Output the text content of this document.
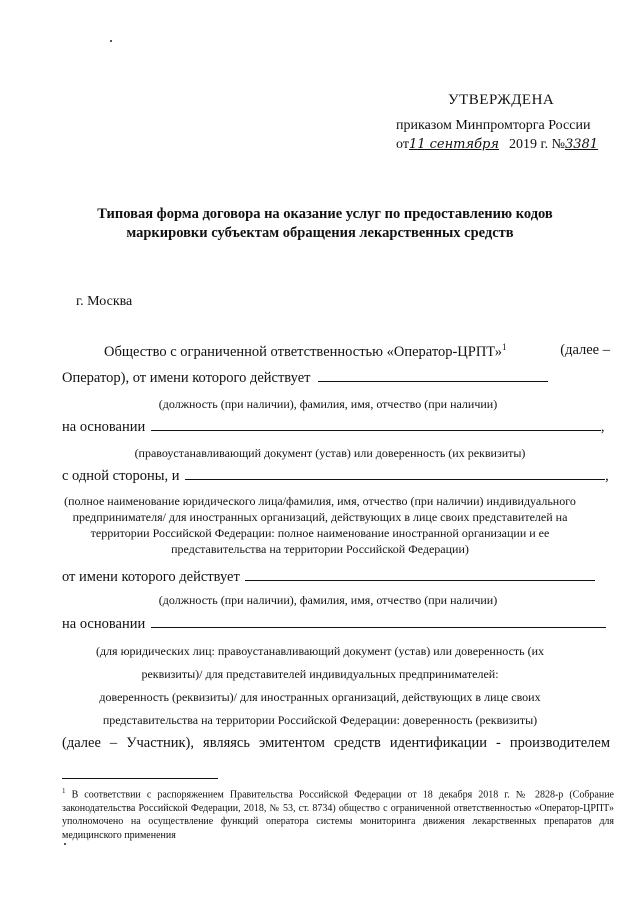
УТВЕРЖДЕНА
приказом Минпромторга России
от11 сентября 2019 г. №3381
Типовая форма договора на оказание услуг по предоставлению кодов
маркировки субъектам обращения лекарственных средств
г. Москва
Общество с ограниченной ответственностью «Оператор-ЦРПТ»$^1$	(далее –
Оператор), от имени которого действует
(должность (при наличии), фамилия, имя, отчество (при наличии)
на основании	,
(правоустанавливающий документ (устав) или доверенность (их реквизиты)
с одной стороны, и	,
(полное наименование юридического лица/фамилия, имя, отчество (при наличии) индивидуального
предпринимателя/ для иностранных организаций, действующих в лице своих представителей на
территории Российской Федерации: полное наименование иностранной организации и ее
представительства на территории Российской Федерации)
от имени которого действует
(должность (при наличии), фамилия, имя, отчество (при наличии)
на основании
(для юридических лиц: правоустанавливающий документ (устав) или доверенность (их
реквизиты)/ для представителей индивидуальных предпринимателей:
доверенность (реквизиты)/ для иностранных организаций, действующих в лице своих
представительства на территории Российской Федерации: доверенность (реквизиты)
(далее – Участник), являясь эмитентом средств идентификации - производителем
$^1$ В соответствии с распоряжением Правительства Российской Федерации от 18 декабря 2018 г. № 2828-р (Собрание законодательства Российской Федерации, 2018, № 53, ст. 8734) общество с ограниченной ответственностью «Оператор-ЦРПТ» уполномочено на осуществление функций оператора системы мониторинга движения лекарственных препаратов для медицинского применения
